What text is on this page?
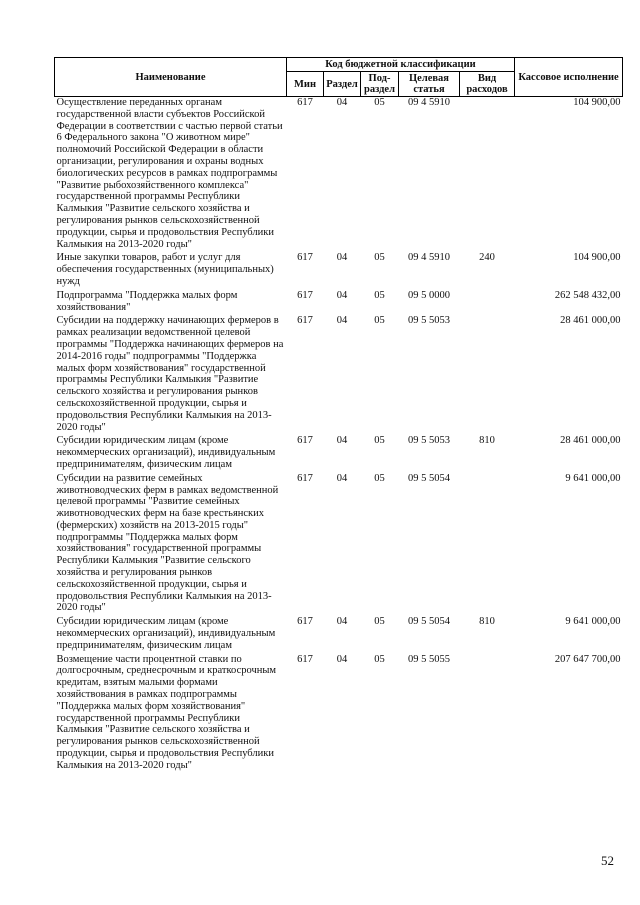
Наименование	Код бюджетной классификации					Кассовое исполнение
	Мин	Раздел	Под-раздел	Целевая статья	Вид расходов	
Осуществление переданных органам государственной власти субъектов Российской Федерации в соответствии с частью первой статьи 6 Федерального закона "О животном мире" полномочий Российской Федерации в области организации, регулирования и охраны водных биологических ресурсов в рамках подпрограммы "Развитие рыбохозяйственного комплекса" государственной программы Республики Калмыкия "Развитие сельского хозяйства и регулирования рынков сельскохозяйственной продукции, сырья и продовольствия Республики Калмыкия на 2013-2020 годы"	617	04	05	09 4 5910		104 900,00
Иные закупки товаров, работ и услуг для обеспечения государственных (муниципальных) нужд	617	04	05	09 4 5910	240	104 900,00
Подпрограмма "Поддержка малых форм хозяйствования"	617	04	05	09 5 0000		262 548 432,00
Субсидии на поддержку начинающих фермеров в рамках реализации ведомственной целевой программы "Поддержка начинающих фермеров на 2014-2016 годы" подпрограммы "Поддержка малых форм хозяйствования" государственной программы Республики Калмыкия "Развитие сельского хозяйства и регулирования рынков сельскохозяйственной продукции, сырья и продовольствия Республики Калмыкия на 2013-2020 годы"	617	04	05	09 5 5053		28 461 000,00
Субсидии юридическим лицам (кроме некоммерческих организаций), индивидуальным предпринимателям, физическим лицам	617	04	05	09 5 5053	810	28 461 000,00
Субсидии на развитие семейных животноводческих ферм в рамках ведомственной целевой программы "Развитие семейных животноводческих ферм на базе крестьянских (фермерских) хозяйств на 2013-2015 годы" подпрограммы "Поддержка малых форм хозяйствования" государственной программы Республики Калмыкия "Развитие сельского хозяйства и регулирования рынков сельскохозяйственной продукции, сырья и продовольствия Республики Калмыкия на 2013-2020 годы"	617	04	05	09 5 5054		9 641 000,00
Субсидии юридическим лицам (кроме некоммерческих организаций), индивидуальным предпринимателям, физическим лицам	617	04	05	09 5 5054	810	9 641 000,00
Возмещение части процентной ставки по долгосрочным, среднесрочным и краткосрочным кредитам, взятым малыми формами хозяйствования в рамках подпрограммы "Поддержка малых форм хозяйствования" государственной программы Республики Калмыкия "Развитие сельского хозяйства и регулирования рынков сельскохозяйственной продукции, сырья и продовольствия Республики Калмыкия на 2013-2020 годы"	617	04	05	09 5 5055		207 647 700,00
52
